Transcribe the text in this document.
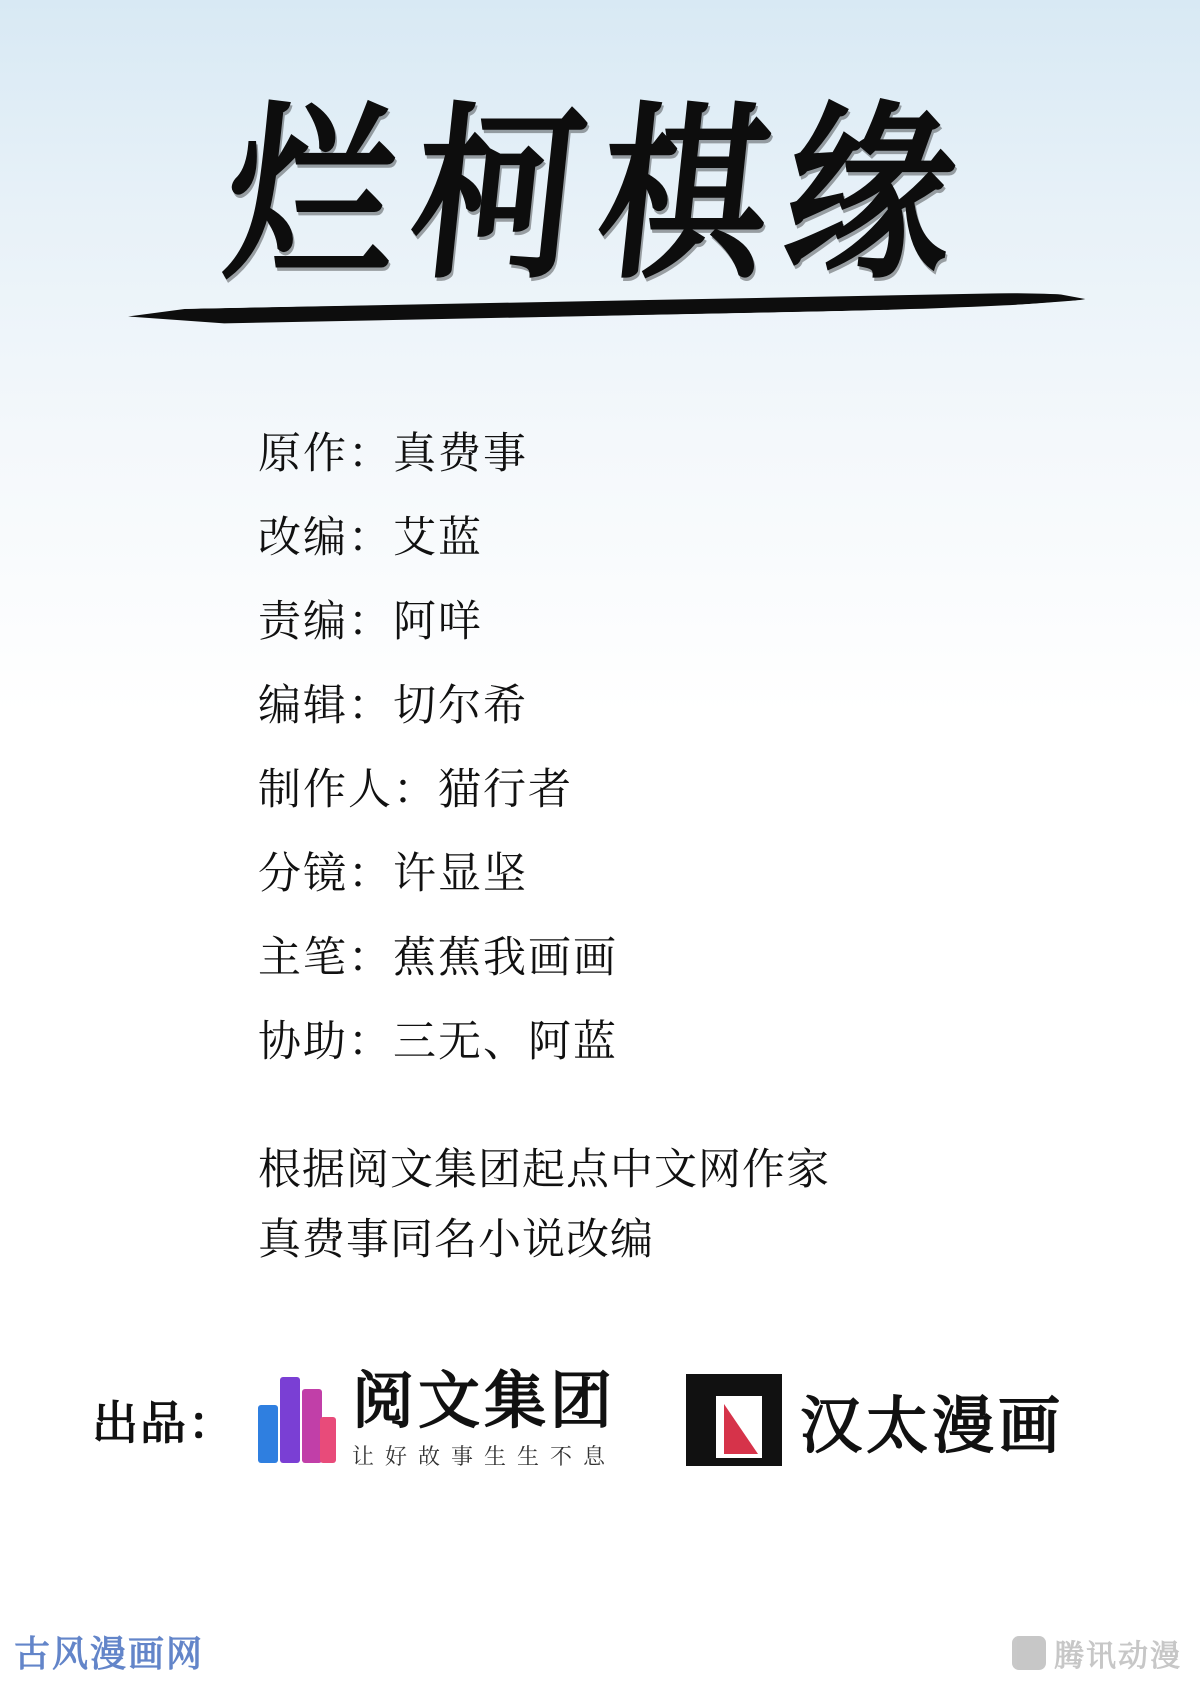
烂柯棋缘
原作：真费事
改编：艾蓝
责编：阿咩
编辑：切尔希
制作人：猫行者
分镜：许显坚
主笔：蕉蕉我画画
协助：三无、阿蓝
根据阅文集团起点中文网作家
真费事同名小说改编
出品： 阅文集团
让好故事生生不息	汉太漫画
古风漫画网	腾讯动漫
